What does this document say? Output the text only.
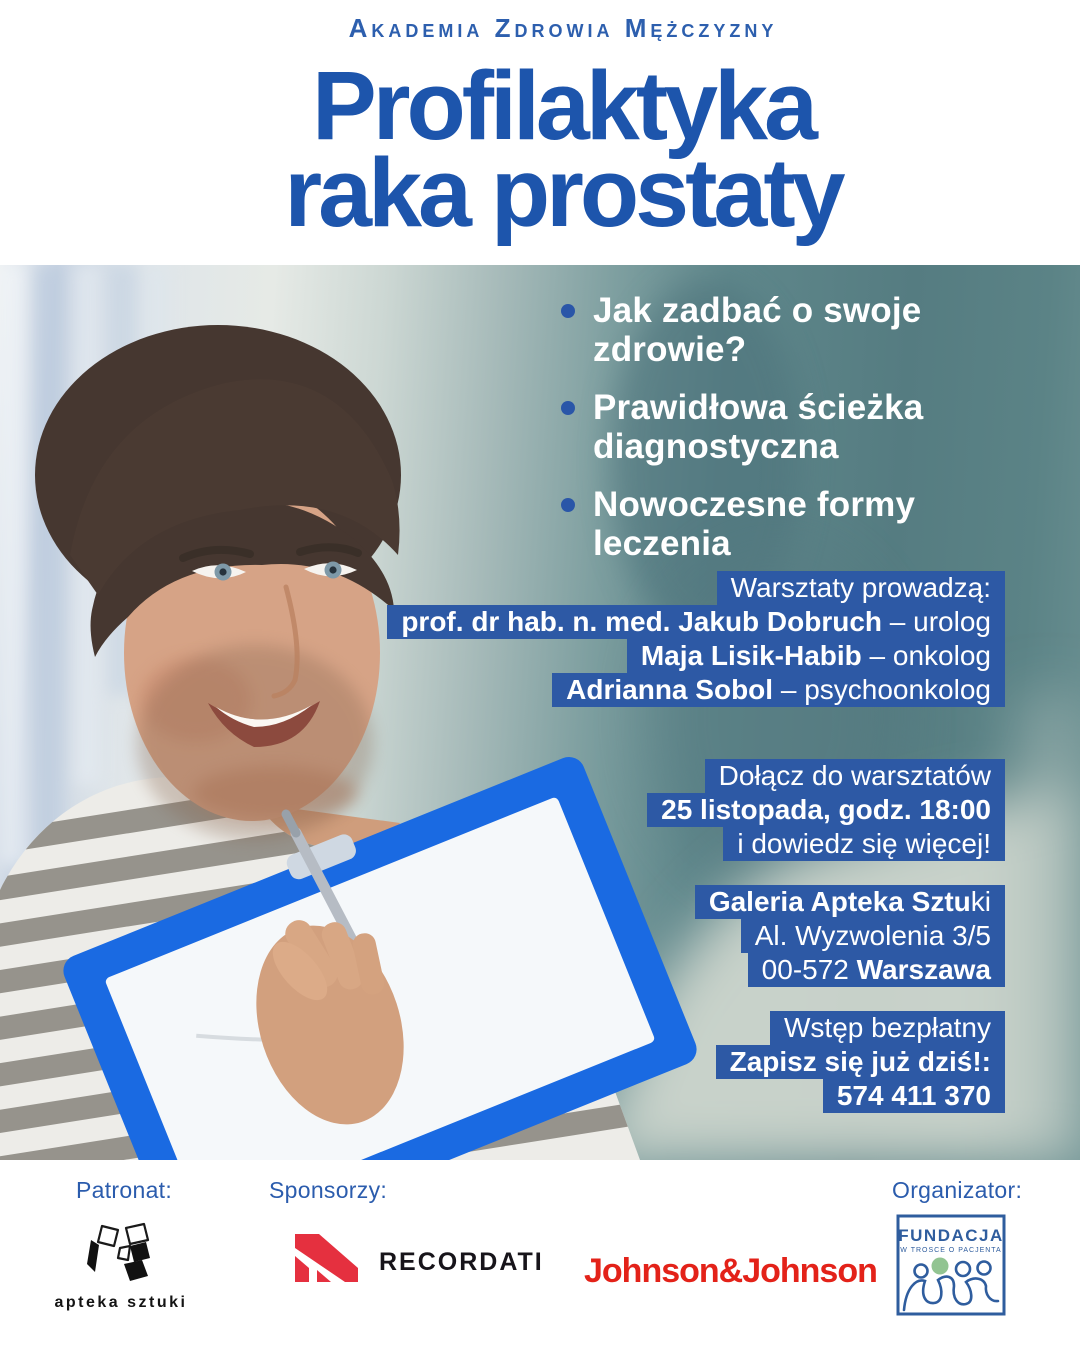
Akademia Zdrowia Mężczyzny
Profilaktyka
raka prostaty
Jak zadbać o swoje
zdrowie?
Prawidłowa ścieżka
diagnostyczna
Nowoczesne formy
leczenia
Warsztaty prowadzą:
prof. dr hab. n. med. Jakub Dobruch – urolog
Maja Lisik-Habib – onkolog
Adrianna Sobol – psychoonkolog
Dołącz do warsztatów
25 listopada, godz. 18:00
i dowiedz się więcej!
Galeria Apteka Sztuki
Al. Wyzwolenia 3/5
00-572 Warszawa
Wstęp bezpłatny
Zapisz się już dziś!:
574 411 370
Patronat:	Sponsorzy:	Organizator:
apteka sztuki
RECORDATI Johnson&Johnson
FUNDACJA
W TROSCE O PACJENTA
